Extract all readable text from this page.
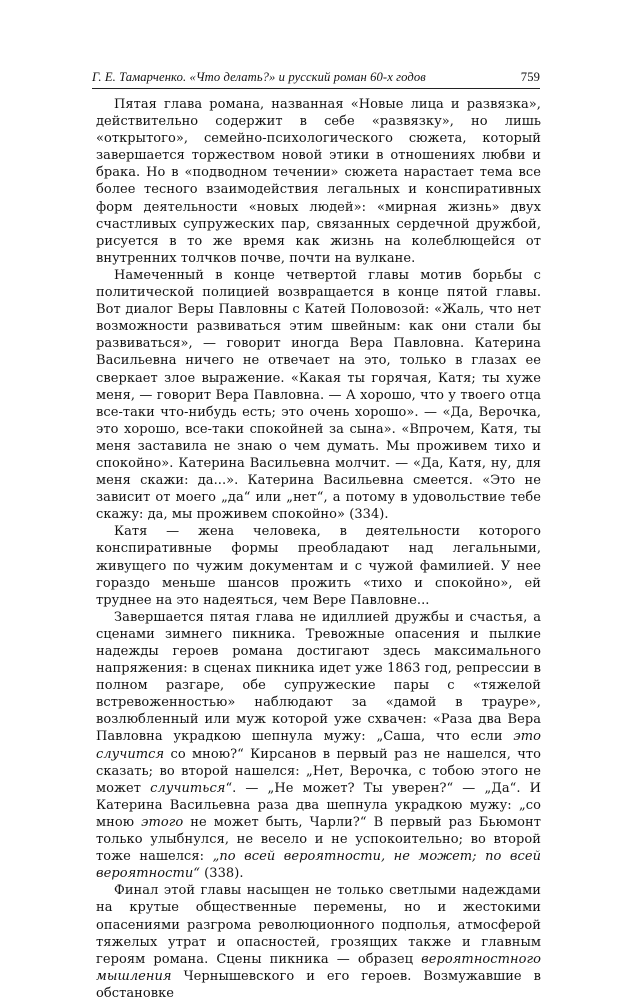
Г. Е. Тамарченко. «Что делать?» и русский роман 60-х годов	759

Пятая глава романа, названная «Новые лица и развязка», действительно содержит в себе «развязку», но лишь «открытого», семейно-психологического сюжета, который завершается торжеством новой этики в отношениях любви и брака. Но в «подводном течении» сюжета нарастает тема все более тесного взаимодействия легальных и конспиративных форм деятельности «новых людей»: «мирная жизнь» двух счастливых супружеских пар, связанных сердечной дружбой, рисуется в то же время как жизнь на колеблющейся от внутренних толчков почве, почти на вулкане.

Намеченный в конце четвертой главы мотив борьбы с политической полицией возвращается в конце пятой главы. Вот диалог Веры Павловны с Катей Половозой: «Жаль, что нет возможности развиваться этим швейным: как они стали бы развиваться», — говорит иногда Вера Павловна. Катерина Васильевна ничего не отвечает на это, только в глазах ее сверкает злое выражение. «Какая ты горячая, Катя; ты хуже меня, — говорит Вера Павловна. — А хорошо, что у твоего отца все-таки что-нибудь есть; это очень хорошо». — «Да, Верочка, это хорошо, все-таки спокойней за сына». «Впрочем, Катя, ты меня заставила не знаю о чем думать. Мы проживем тихо и спокойно». Катерина Васильевна молчит. — «Да, Катя, ну, для меня скажи: да...». Катерина Васильевна смеется. «Это не зависит от моего „да“ или „нет“, а потому в удовольствие тебе скажу: да, мы проживем спокойно» (334).

Катя — жена человека, в деятельности которого конспиративные формы преобладают над легальными, живущего по чужим документам и с чужой фамилией. У нее гораздо меньше шансов прожить «тихо и спокойно», ей труднее на это надеяться, чем Вере Павловне...

Завершается пятая глава не идиллией дружбы и счастья, а сценами зимнего пикника. Тревожные опасения и пылкие надежды героев романа достигают здесь максимального напряжения: в сценах пикника идет уже 1863 год, репрессии в полном разгаре, обе супружеские пары с «тяжелой встревоженностью» наблюдают за «дамой в трауре», возлюбленный или муж которой уже схвачен: «Раза два Вера Павловна украдкою шепнула мужу: „Саша, что если это случится со мною?“ Кирсанов в первый раз не нашелся, что сказать; во второй нашелся: „Нет, Верочка, с тобою этого не может случиться“. — „Не может? Ты уверен?“ — „Да“. И Катерина Васильевна раза два шепнула украдкою мужу: „со мною этого не может быть, Чарли?“ В первый раз Бьюмонт только улыбнулся, не весело и не успокоительно; во второй тоже нашелся: „по всей вероятности, не может; по всей вероятности“ (338).

Финал этой главы насыщен не только светлыми надеждами на крутые общественные перемены, но и жестокими опасениями разгрома революционного подполья, атмосферой тяжелых утрат и опасностей, грозящих также и главным героям романа. Сцены пикника — образец вероятностного мышления Чернышевского и его героев. Возмужавшие в обстановке
